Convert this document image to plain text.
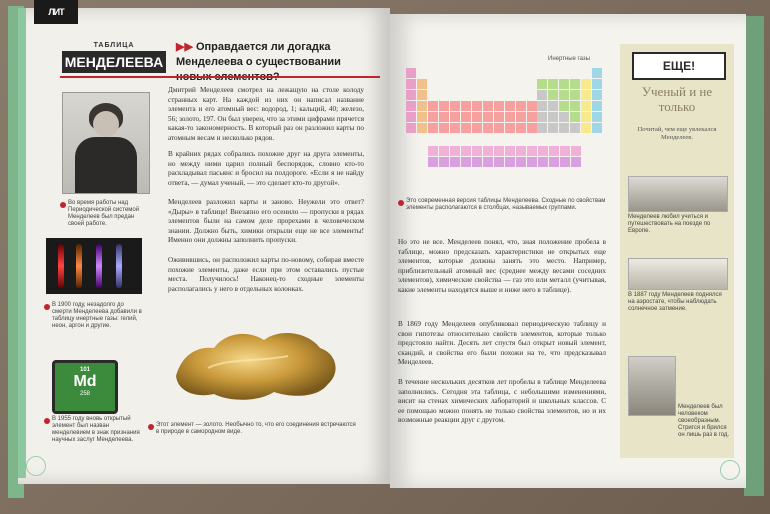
ЛИТ
ТАБЛИЦА
МЕНДЕЛЕЕВА
▶▶ Оправдается ли догадка Менделеева о существовании
Во время работы над Периодической системой Менделеев был предан своей работе.
В 1900 году, незадолго до смерти Менделеева добавили в таблицу инертные газы: гелий, неон, аргон и другие.
101
Md
258
В 1955 году вновь открытый элемент был назван менделевием в знак признания научных заслуг Менделеева.
Дмитрий Менделеев смотрел на лежащую на столе колоду странных карт. На каждой из них он написал название элемента и его атомный вес: водород, 1; кальций, 40; железо, 56; золото, 197. Он был уверен, что за этими цифрами прячется какая-то закономерность. В который раз он разложил карты по атомным весам и несколько рядов.
В крайних рядах собрались похожие друг на друга элементы, но между ними царил полный беспорядок, словно кто-то раскладывал пасьянс и бросил на полдороге. «Если я не найду ответа, — думал ученый, — это сделает кто-то другой».
Менделеев разложил карты и заново. Неужели это ответ? «Дыры» в таблице! Внезапно его осенило — пропуски в рядах элементов были на самом деле прорехами в человеческом знании. Должно быть, химики открыли еще не все элементы! Именно они должны заполнить пропуски.
Оживившись, он расположил карты по-новому, собирая вместе похожие элементы, даже если при этом оставались пустые места. Получилось! Наконец-то сходные элементы располагались у него в отдельных колонках.
Этот элемент — золото. Необычно то, что его соединения встречаются в природе в самородном виде.
Инертные газы
Это современная версия таблицы Менделеева. Сходные по свойствам элементы располагаются в столбцах, называемых группами.
Но это не все. Менделеев понял, что, зная положение пробела в таблице, можно предсказать характеристики не открытых еще элементов, которые должны занять это место. Например, приблизительный атомный вес (среднее между весами соседних элементов), химические свойства — газ это или металл (учитывая, какие элементы находятся выше и ниже него в таблице).
В 1869 году Менделеев опубликовал периодическую таблицу и свои гипотезы относительно свойств элементов, которые только предстояло найти. Десять лет спустя был открыт новый элемент, скандий, и свойства его были похожи на те, что предсказывал Менделеев.
В течение нескольких десятков лет пробелы в таблице Менделеева заполнились. Сегодня эта таблица, с небольшими изменениями, висит на стенах химических лабораторий и школьных классов. С ее помощью можно понять не только свойства элементов, но и их возможные реакции друг с другом.
ЕЩЕ!
Ученый и не только
Почитай, чем еще увлекался Менделеев.
Менделеев любил учиться и путешествовать на поезде по Европе.
В 1887 году Менделеев поднялся на аэростате, чтобы наблюдать солнечное затмение.
Менделеев был человеком своеобразным. Стригся и брился он лишь раз в год.
